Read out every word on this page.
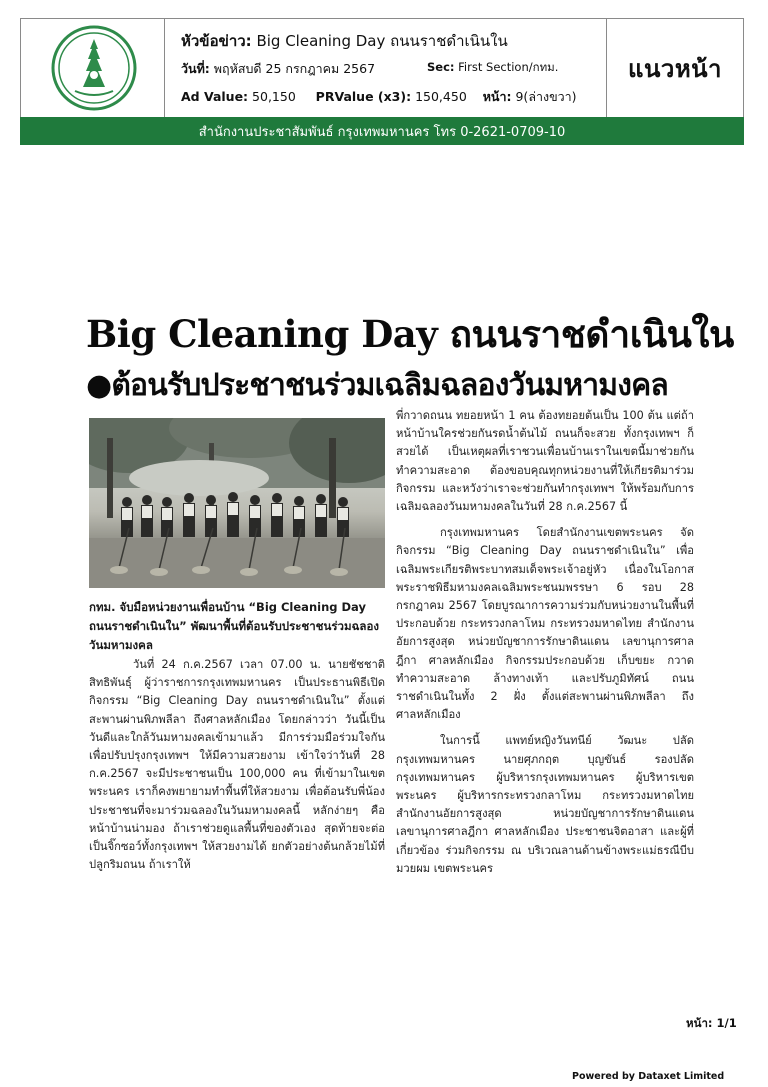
หัวข้อข่าว: Big Cleaning Day ถนนราชดำเนินใน
วันที่: พฤหัสบดี 25 กรกฎาคม 2567	Sec: First Section/กทม.
Ad Value: 50,150 PRValue (x3): 150,450 หน้า: 9(ล่างขวา)
แนวหน้า
สำนักงานประชาสัมพันธ์ กรุงเทพมหานคร โทร 0-2621-0709-10
Big Cleaning Day ถนนราชดำเนินใน
●ต้อนรับประชาชนร่วมเฉลิมฉลองวันมหามงคล
กทม. จับมือหน่วยงานเพื่อนบ้าน “Big Cleaning Day ถนนราชดำเนินใน” พัฒนาพื้นที่ต้อนรับประชาชนร่วมฉลองวันมหามงคล

วันที่ 24 ก.ค.2567 เวลา 07.00 น. นายชัชชาติ สิทธิพันธุ์ ผู้ว่าราชการกรุงเทพมหานคร เป็นประธานพิธีเปิดกิจกรรม “Big Cleaning Day ถนนราชดำเนินใน” ตั้งแต่สะพานผ่านพิภพลีลา ถึงศาลหลักเมือง โดยกล่าวว่า วันนี้เป็นวันดีและใกล้วันมหามงคลเข้ามาแล้ว มีการร่วมมือร่วมใจกัน เพื่อปรับปรุงกรุงเทพฯ ให้มีความสวยงาม เข้าใจว่าวันที่ 28 ก.ค.2567 จะมีประชาชนเป็น 100,000 คน ที่เข้ามาในเขตพระนคร เราก็คงพยายามทำพื้นที่ให้สวยงาม เพื่อต้อนรับพี่น้องประชาชนที่จะมาร่วมฉลองในวันมหามงคลนี้ หลักง่ายๆ คือ หน้าบ้านน่ามอง ถ้าเราช่วยดูแลพื้นที่ของตัวเอง สุดท้ายจะต่อเป็นจิ๊กซอว์ทั้งกรุงเทพฯ ให้สวยงามได้ ยกตัวอย่างต้นกล้วยไม้ที่ปลูกริมถนน ถ้าเราให้

พี่กวาดถนน ทยอยหน้า 1 คน ต้องทยอยต้นเป็น 100 ต้น แต่ถ้าหน้าบ้านใครช่วยกันรดน้ำต้นไม้ ถนนก็จะสวย ทั้งกรุงเทพฯ ก็สวยได้ เป็นเหตุผลที่เราชวนเพื่อนบ้านเราในเขตนี้มาช่วยกันทำความสะอาด ต้องขอบคุณทุกหน่วยงานที่ให้เกียรติมาร่วมกิจกรรม และหวังว่าเราจะช่วยกันทำกรุงเทพฯ ให้พร้อมกับการเฉลิมฉลองวันมหามงคลในวันที่ 28 ก.ค.2567 นี้

กรุงเทพมหานคร โดยสำนักงานเขตพระนคร จัดกิจกรรม “Big Cleaning Day ถนนราชดำเนินใน” เพื่อเฉลิมพระเกียรติพระบาทสมเด็จพระเจ้าอยู่หัว เนื่องในโอกาสพระราชพิธีมหามงคลเฉลิมพระชนมพรรษา 6 รอบ 28 กรกฎาคม 2567 โดยบูรณาการความร่วมกับหน่วยงานในพื้นที่ ประกอบด้วย กระทรวงกลาโหม กระทรวงมหาดไทย สำนักงานอัยการสูงสุด หน่วยบัญชาการรักษาดินแดน เลขานุการศาลฎีกา ศาลหลักเมือง กิจกรรมประกอบด้วย เก็บขยะ กวาดทำความสะอาด ล้างทางเท้า และปรับภูมิทัศน์ ถนนราชดำเนินในทั้ง 2 ฝั่ง ตั้งแต่สะพานผ่านพิภพลีลา ถึงศาลหลักเมือง

ในการนี้ แพทย์หญิงวันทนีย์ วัฒนะ ปลัดกรุงเทพมหานคร นายศุภกฤต บุญขันธ์ รองปลัดกรุงเทพมหานคร ผู้บริหารกรุงเทพมหานคร ผู้บริหารเขตพระนคร ผู้บริหารกระทรวงกลาโหม กระทรวงมหาดไทย สำนักงานอัยการสูงสุด หน่วยบัญชาการรักษาดินแดน เลขานุการศาลฎีกา ศาลหลักเมือง ประชาชนจิตอาสา และผู้ที่เกี่ยวข้อง ร่วมกิจกรรม ณ บริเวณลานด้านข้างพระแม่ธรณีบีบมวยผม เขตพระนคร

หน้า: 1/1
Powered by Dataxet Limited
